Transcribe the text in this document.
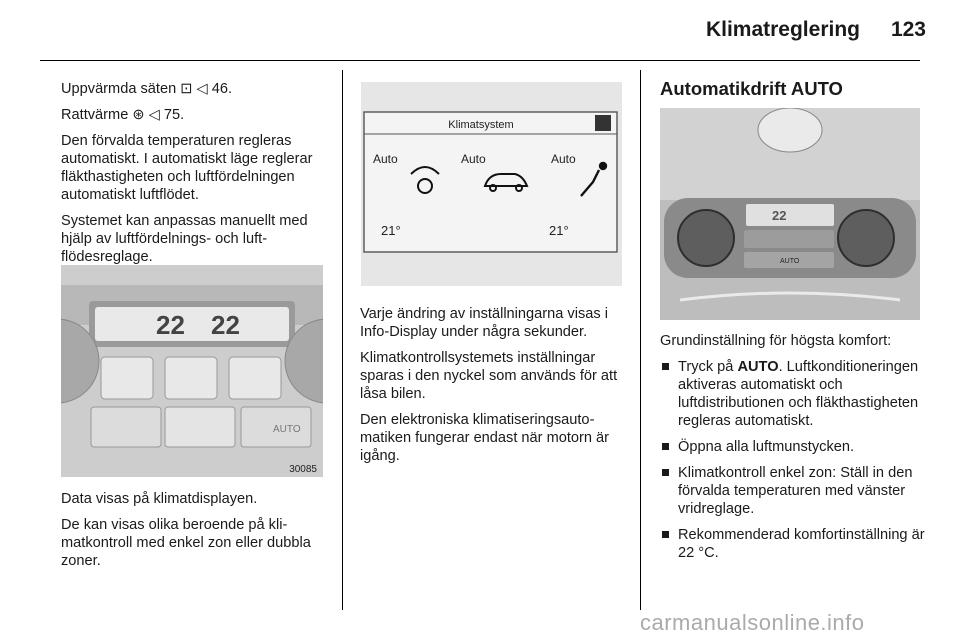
Klimatreglering	123

Uppvärmda säten ⊡ ◁ 46.

Rattvärme ⊛ ◁ 75.

Den förvalda temperaturen regleras automatiskt. I automatiskt läge reglerar fläkthastigheten och luftfördelningen automatiskt luftflödet.

Systemet kan anpassas manuellt med hjälp av luftfördelnings- och luftflödesreglage.

22 22
AUTO
30085

Data visas på klimatdisplayen.

De kan visas olika beroende på klimatkontroll med enkel zon eller dubbla zoner.

Klimatsystem
Auto	Auto	Auto
21°	21°

Varje ändring av inställningarna visas i Info-Display under några sekunder.

Klimatkontrollsystemets inställningar sparas i den nyckel som används för att låsa bilen.

Den elektroniska klimatiseringsautomatiken fungerar endast när motorn är igång.

Automatikdrift AUTO
22
AUTO

Grundinställning för högsta komfort:

Tryck på AUTO. Luftkonditioneringen aktiveras automatiskt och luftdistributionen och fläkthastigheten regleras automatiskt.
Öppna alla luftmunstycken.
Klimatkontroll enkel zon: Ställ in den förvalda temperaturen med vänster vridreglage.
Rekommenderad komfortinställning är 22 °C.
carmanualsonline.info
